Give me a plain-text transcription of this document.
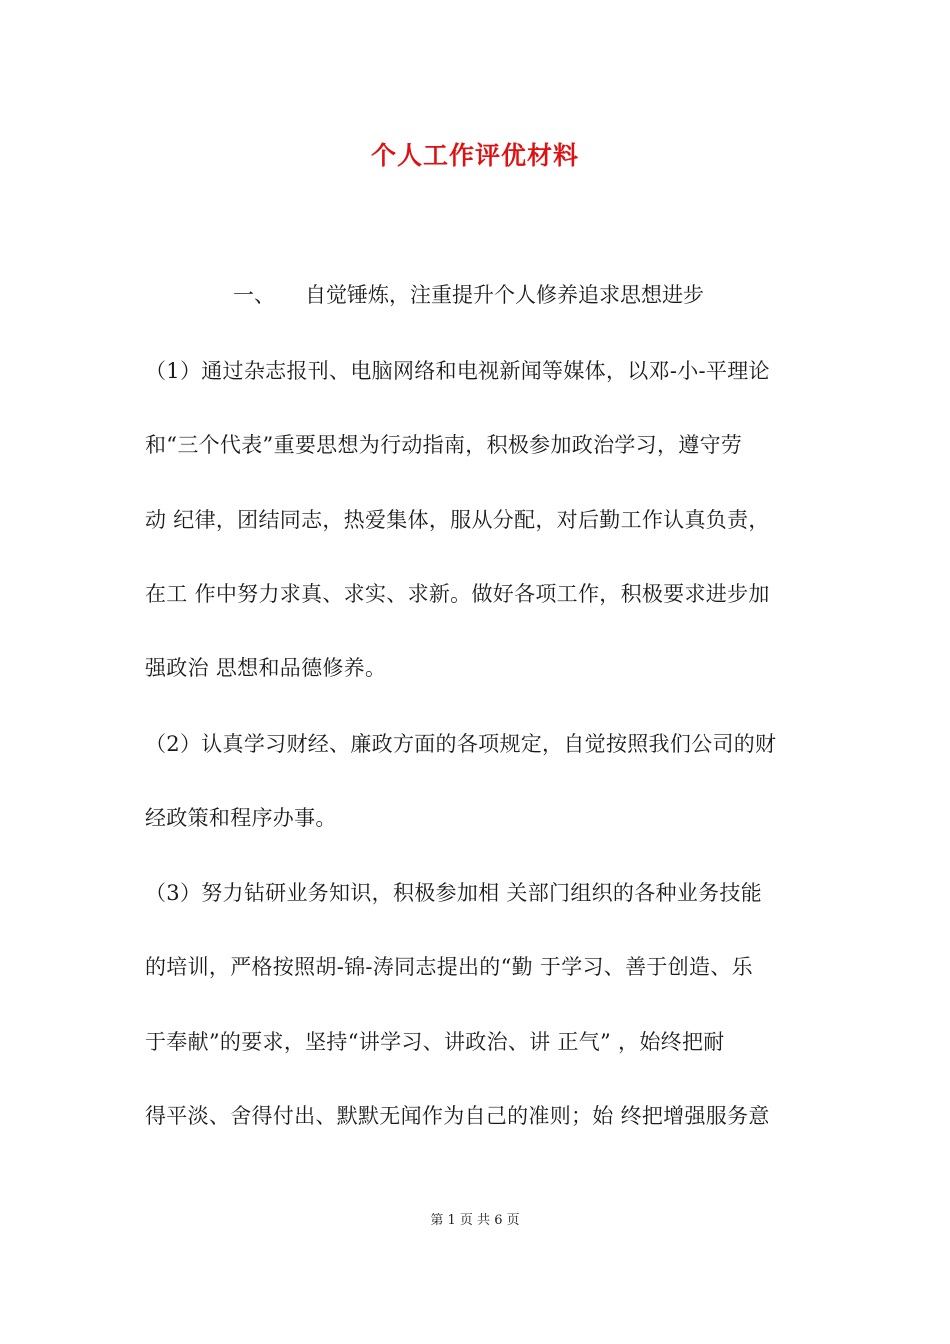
个人工作评优材料
一、 自觉锤炼，注重提升个人修养追求思想进步
（1）通过杂志报刊、电脑网络和电视新闻等媒体，以邓-小-平理论
和“三个代表”重要思想为行动指南，积极参加政治学习，遵守劳
动 纪律，团结同志，热爱集体，服从分配，对后勤工作认真负责，
在工 作中努力求真、求实、求新。做好各项工作，积极要求进步加
强政治 思想和品德修养。
（2）认真学习财经、廉政方面的各项规定，自觉按照我们公司的财
经政策和程序办事。
（3）努力钻研业务知识，积极参加相 关部门组织的各种业务技能
的培训，严格按照胡-锦-涛同志提出的“勤 于学习、善于创造、乐
于奉献”的要求，坚持“讲学习、讲政治、讲 正气” ，始终把耐
得平淡、舍得付出、默默无闻作为自己的准则；始 终把增强服务意
第 1 页 共 6 页
